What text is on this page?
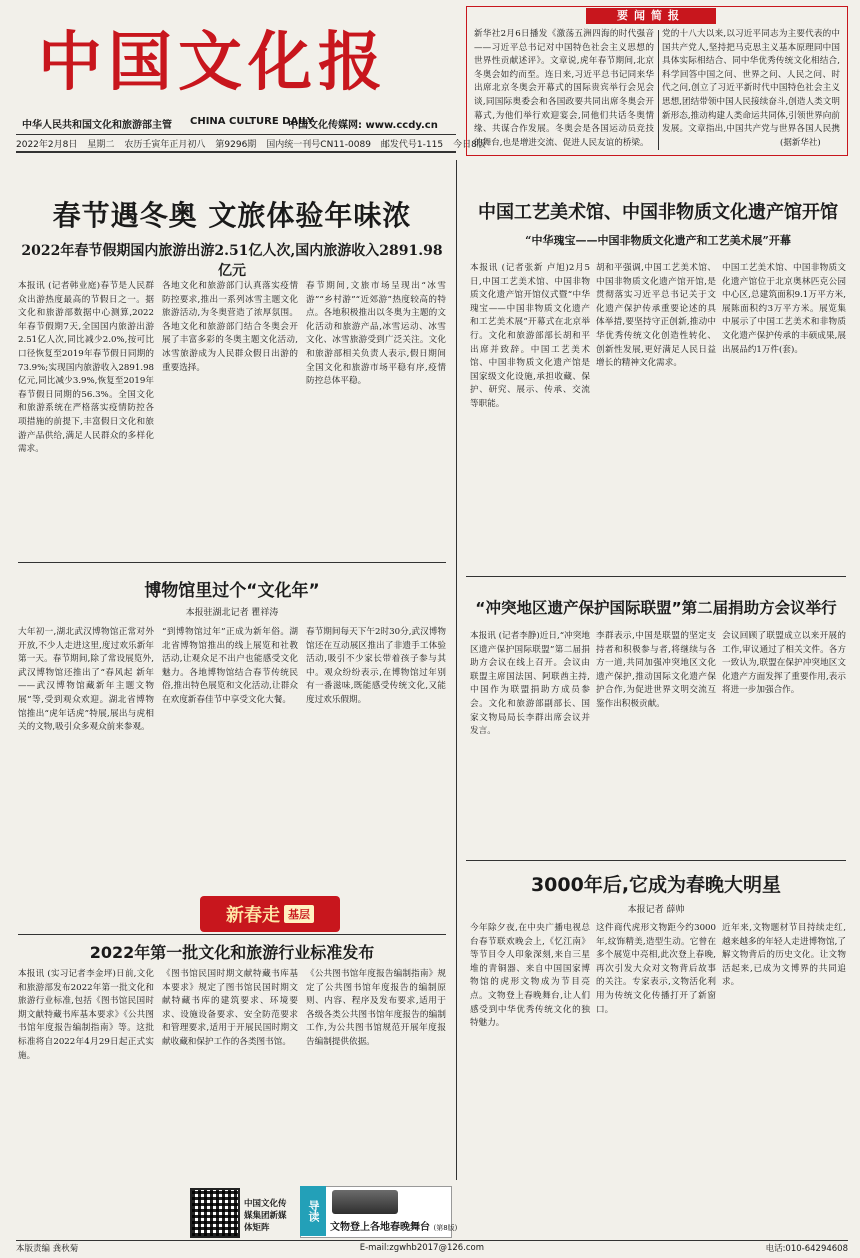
中国文化报
中华人民共和国文化和旅游部主管 CHINA CULTURE DAILY
中国文化传媒网: www.ccdy.cn
2022年2月8日 星期二 农历壬寅年正月初八 第9296期 国内统一刊号CN11-0089 邮发代号1-115 今日8版
要闻简报
新华社2月6日播发《激荡五洲四海的时代强音——习近平总书记对中国特色社会主义思想的世界性贡献述评》。文章说,虎年春节期间,北京冬奥会如约而至。连日来,习近平总书记同来华出席北京冬奥会开幕式的国际贵宾举行会见会谈,同国际奥委会和各国政要共同出席冬奥会开幕式,为他们举行欢迎宴会,同他们共话冬奥情缘、共谋合作发展。冬奥会是各国运动员竞技的舞台,也是增进交流、促进人民友谊的桥梁。
党的十八大以来,以习近平同志为主要代表的中国共产党人,坚持把马克思主义基本原理同中国具体实际相结合、同中华优秀传统文化相结合,科学回答中国之问、世界之问、人民之问、时代之问,创立了习近平新时代中国特色社会主义思想,团结带领中国人民接续奋斗,创造人类文明新形态,推动构建人类命运共同体,引领世界向前发展。文章指出,中国共产党与世界各国人民携
(据新华社)
春节遇冬奥 文旅体验年味浓
2022年春节假期国内旅游出游2.51亿人次,国内旅游收入2891.98亿元
本报讯 (记者韩业庭)春节是人民群众出游热度最高的节假日之一。据文化和旅游部数据中心测算,2022年春节假期7天,全国国内旅游出游2.51亿人次,同比减少2.0%,按可比口径恢复至2019年春节假日同期的73.9%;实现国内旅游收入2891.98亿元,同比减少3.9%,恢复至2019年春节假日同期的56.3%。全国文化和旅游系统在严格落实疫情防控各项措施的前提下,丰富假日文化和旅游产品供给,满足人民群众的多样化需求。
各地文化和旅游部门认真落实疫情防控要求,推出一系列冰雪主题文化旅游活动,为冬奥营造了浓厚氛围。各地文化和旅游部门结合冬奥会开展了丰富多彩的冬奥主题文化活动,冰雪旅游成为人民群众假日出游的重要选择。
春节期间,文旅市场呈现出“冰雪游”“乡村游”“近郊游”热度较高的特点。各地积极推出以冬奥为主题的文化活动和旅游产品,冰雪运动、冰雪文化、冰雪旅游受到广泛关注。文化和旅游部相关负责人表示,假日期间全国文化和旅游市场平稳有序,疫情防控总体平稳。
中国工艺美术馆、中国非物质文化遗产馆开馆
“中华瑰宝——中国非物质文化遗产和工艺美术展”开幕
本报讯 (记者张新 卢旭)2月5日,中国工艺美术馆、中国非物质文化遗产馆开馆仪式暨“中华瑰宝——中国非物质文化遗产和工艺美术展”开幕式在北京举行。文化和旅游部部长胡和平出席并致辞。中国工艺美术馆、中国非物质文化遗产馆是国家级文化设施,承担收藏、保护、研究、展示、传承、交流等职能。
胡和平强调,中国工艺美术馆、中国非物质文化遗产馆开馆,是贯彻落实习近平总书记关于文化遗产保护传承重要论述的具体举措,要坚持守正创新,推动中华优秀传统文化创造性转化、创新性发展,更好满足人民日益增长的精神文化需求。
中国工艺美术馆、中国非物质文化遗产馆位于北京奥林匹克公园中心区,总建筑面积9.1万平方米,展陈面积约3万平方米。展览集中展示了中国工艺美术和非物质文化遗产保护传承的丰硕成果,展出展品约1万件(套)。
博物馆里过个“文化年”
本报驻湖北记者 瞿祥涛
大年初一,湖北武汉博物馆正常对外开放,不少人走进这里,度过欢乐新年第一天。春节期间,除了常设展览外,武汉博物馆还推出了“春风起 新年——武汉博物馆藏新年主题文物展”等,受到观众欢迎。湖北省博物馆推出“虎年话虎”特展,展出与虎相关的文物,吸引众多观众前来参观。
“到博物馆过年”正成为新年俗。湖北省博物馆推出的线上展览和社教活动,让观众足不出户也能感受文化魅力。各地博物馆结合春节传统民俗,推出特色展览和文化活动,让群众在欢度新春佳节中享受文化大餐。
春节期间每天下午2时30分,武汉博物馆还在互动展区推出了非遗手工体验活动,吸引不少家长带着孩子参与其中。观众纷纷表示,在博物馆过年别有一番滋味,既能感受传统文化,又能度过欢乐假期。
新春走 基层
“冲突地区遗产保护国际联盟”第二届捐助方会议举行
本报讯 (记者李静)近日,“冲突地区遗产保护国际联盟”第二届捐助方会议在线上召开。会议由联盟主席国法国、阿联酋主持,中国作为联盟捐助方成员参会。文化和旅游部副部长、国家文物局局长李群出席会议并发言。
李群表示,中国是联盟的坚定支持者和积极参与者,将继续与各方一道,共同加强冲突地区文化遗产保护,推动国际文化遗产保护合作,为促进世界文明交流互鉴作出积极贡献。
会议回顾了联盟成立以来开展的工作,审议通过了相关文件。各方一致认为,联盟在保护冲突地区文化遗产方面发挥了重要作用,表示将进一步加强合作。
3000年后,它成为春晚大明星
本报记者 薛帅
今年除夕夜,在中央广播电视总台春节联欢晚会上,《忆江南》等节目令人印象深刻,来自三星堆的青铜器、来自中国国家博物馆的虎形文物成为节目亮点。文物登上春晚舞台,让人们感受到中华优秀传统文化的独特魅力。
这件商代虎形文物距今约3000年,纹饰精美,造型生动。它曾在多个展览中亮相,此次登上春晚,再次引发大众对文物背后故事的关注。专家表示,文物活化利用为传统文化传播打开了新窗口。
近年来,文物题材节目持续走红,越来越多的年轻人走进博物馆,了解文物背后的历史文化。让文物活起来,已成为文博界的共同追求。
2022年第一批文化和旅游行业标准发布
本报讯 (实习记者李金坪)日前,文化和旅游部发布2022年第一批文化和旅游行业标准,包括《图书馆民国时期文献特藏书库基本要求》《公共图书馆年度报告编制指南》等。这批标准将自2022年4月29日起正式实施。
《图书馆民国时期文献特藏书库基本要求》规定了图书馆民国时期文献特藏书库的建筑要求、环境要求、设施设备要求、安全防范要求和管理要求,适用于开展民国时期文献收藏和保护工作的各类图书馆。
《公共图书馆年度报告编制指南》规定了公共图书馆年度报告的编制原则、内容、程序及发布要求,适用于各级各类公共图书馆年度报告的编制工作,为公共图书馆规范开展年度报告编制提供依据。
中国文化传媒集团新媒体矩阵
导读
文物登上各地春晚舞台 (第8版)
本版责编 龚秋菊	E-mail:zgwhb2017@126.com	电话:010-64294608
